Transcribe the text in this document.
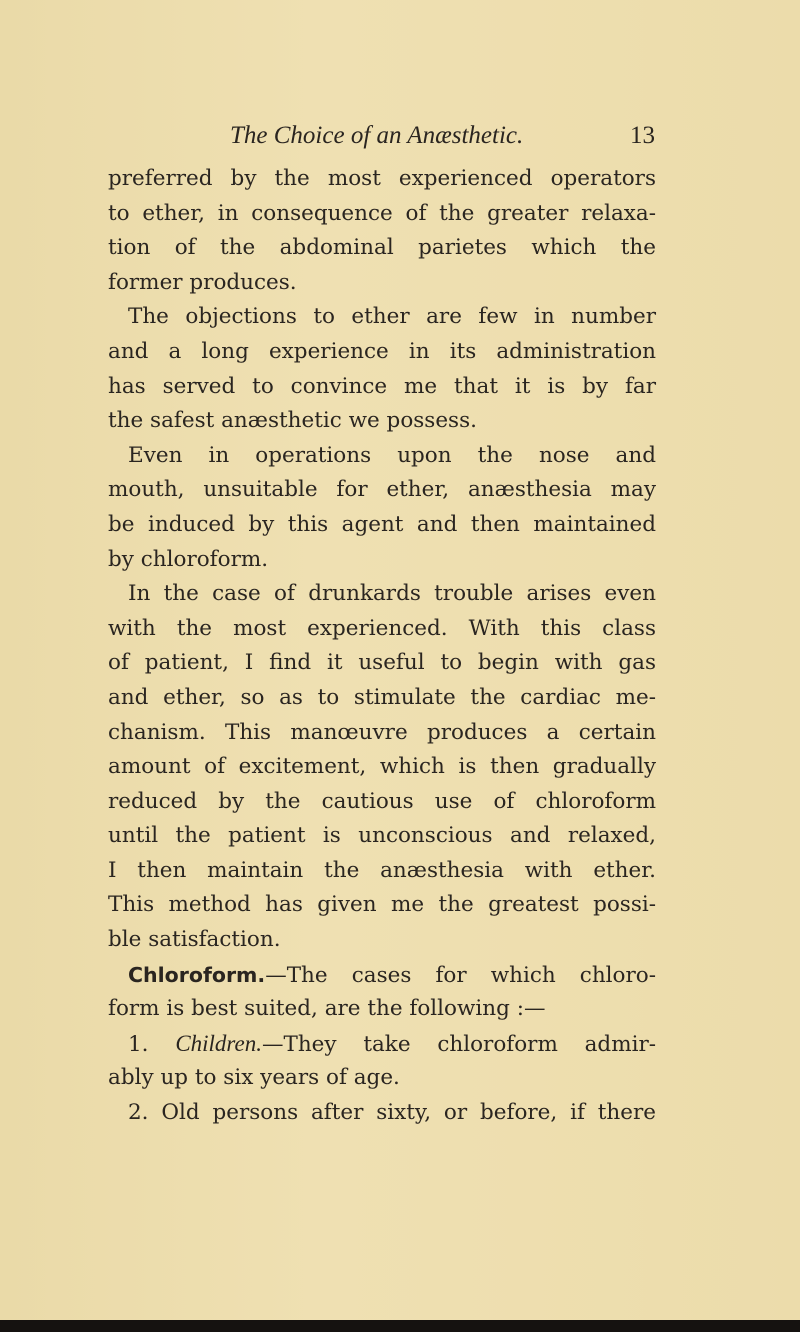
The Choice of an Anæsthetic.	13
preferred by the most experienced operators
to ether, in consequence of the greater relaxa-
tion of the abdominal parietes which the
former produces.
The objections to ether are few in number
and a long experience in its administration
has served to convince me that it is by far
the safest anæsthetic we possess.
Even in operations upon the nose and
mouth, unsuitable for ether, anæsthesia may
be induced by this agent and then maintained
by chloroform.
In the case of drunkards trouble arises even
with the most experienced. With this class
of patient, I find it useful to begin with gas
and ether, so as to stimulate the cardiac me-
chanism. This manœuvre produces a certain
amount of excitement, which is then gradually
reduced by the cautious use of chloroform
until the patient is unconscious and relaxed,
I then maintain the anæsthesia with ether.
This method has given me the greatest possi-
ble satisfaction.
Chloroform.—The cases for which chloro-
form is best suited, are the following :—
1. Children.—They take chloroform admir-
ably up to six years of age.
2. Old persons after sixty, or before, if there
